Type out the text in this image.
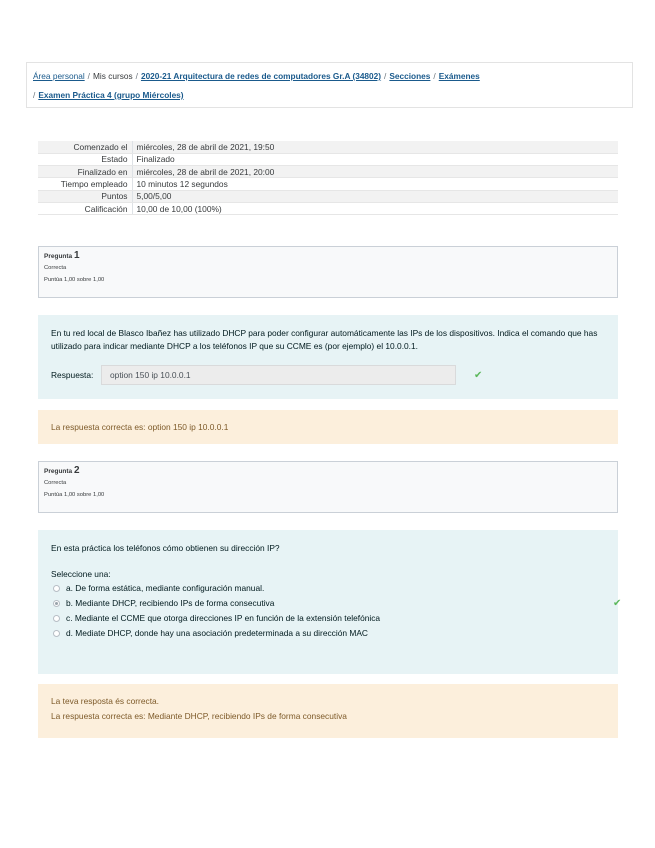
Área personal / Mis cursos / 2020-21 Arquitectura de redes de computadores Gr.A (34802) / Secciones / Exámenes
/ Examen Práctica 4 (grupo Miércoles)
Comenzado el	miércoles, 28 de abril de 2021, 19:50
Estado	Finalizado
Finalizado en	miércoles, 28 de abril de 2021, 20:00
Tiempo empleado	10 minutos 12 segundos
Puntos	5,00/5,00
Calificación	10,00 de 10,00 (100%)
Pregunta 1
Correcta
Puntúa 1,00 sobre 1,00
En tu red local de Blasco Ibañez has utilizado DHCP para poder configurar automáticamente las IPs de los dispositivos. Indica el comando que has utilizado para indicar mediante DHCP a los teléfonos IP que su CCME es (por ejemplo) el 10.0.0.1.
Respuesta:	option 150 ip 10.0.0.1	✔
La respuesta correcta es: option 150 ip 10.0.0.1
Pregunta 2
Correcta
Puntúa 1,00 sobre 1,00
En esta práctica los teléfonos cómo obtienen su dirección IP?
Seleccione una:
a. De forma estática, mediante configuración manual.
b. Mediante DHCP, recibiendo IPs de forma consecutiva	✔
c. Mediante el CCME que otorga direcciones IP en función de la extensión telefónica
d. Mediate DHCP, donde hay una asociación predeterminada a su dirección MAC
La teva resposta és correcta.
La respuesta correcta es: Mediante DHCP, recibiendo IPs de forma consecutiva
